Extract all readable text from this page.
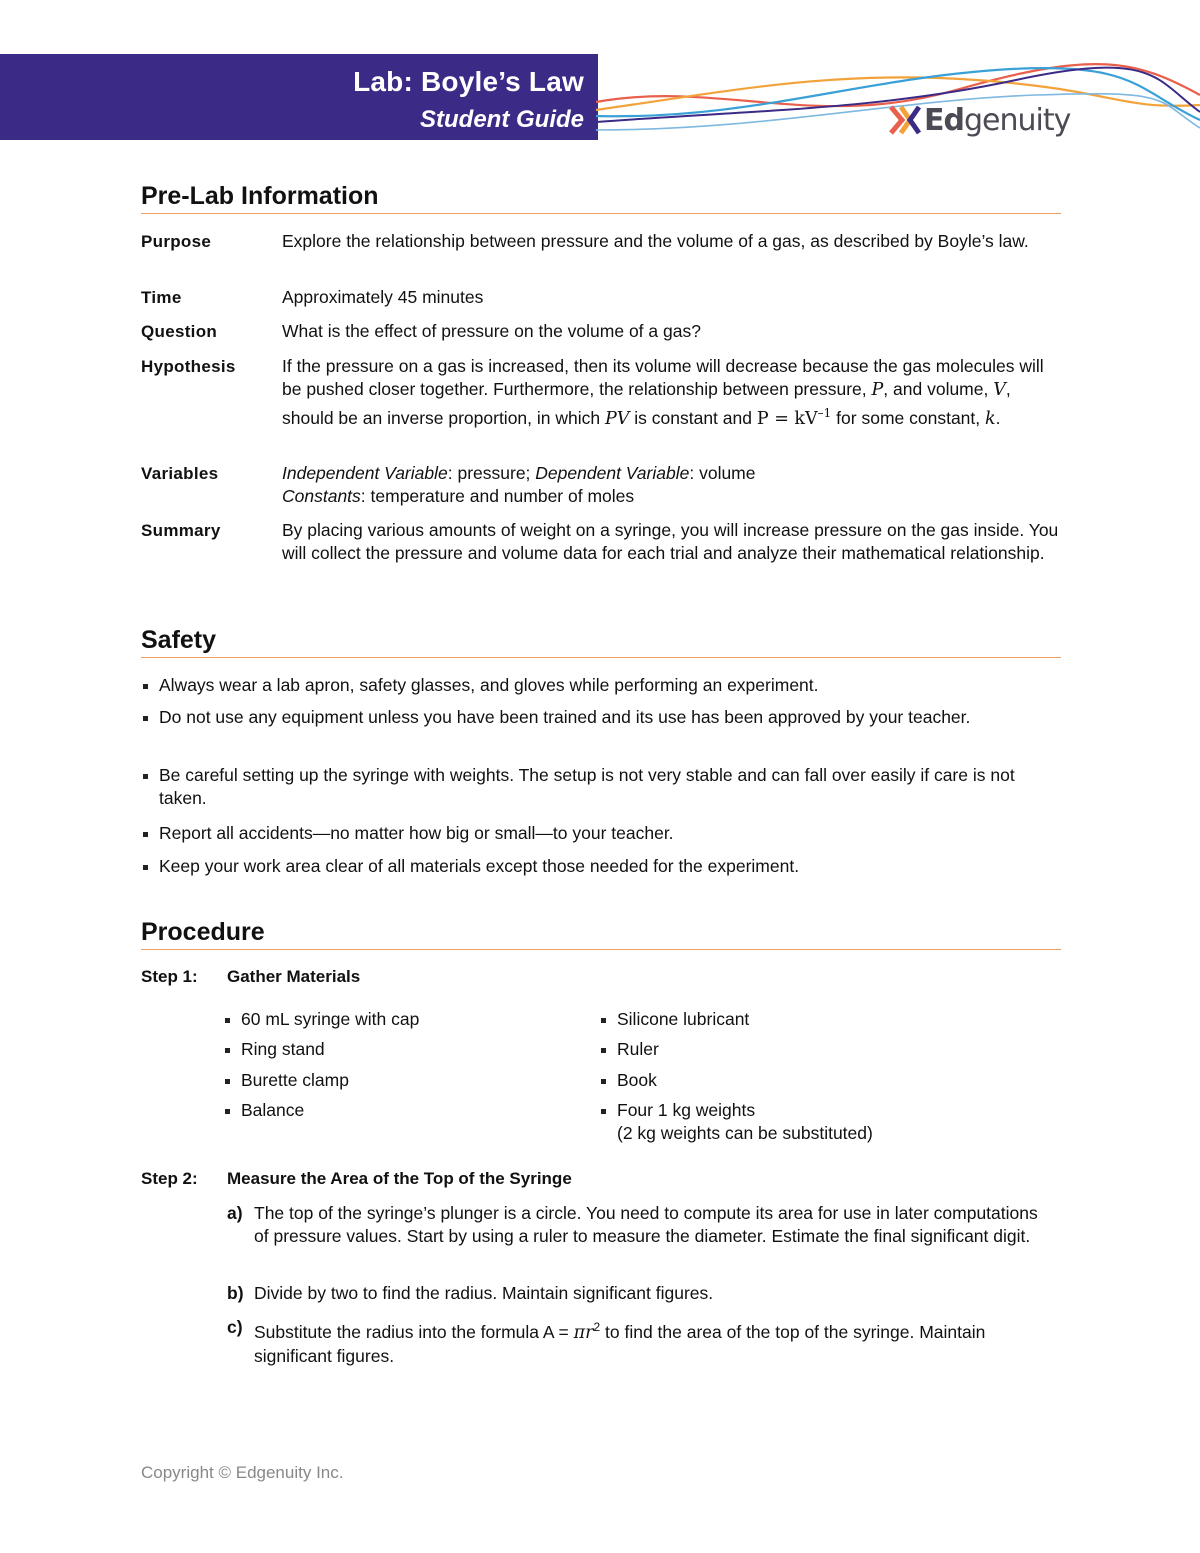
Lab: Boyle’s Law
Student Guide	Edgenuity
Pre-Lab Information
Purpose	Explore the relationship between pressure and the volume of a gas, as described by Boyle’s law.
Time	Approximately 45 minutes
Question	What is the effect of pressure on the volume of a gas?
Hypothesis	If the pressure on a gas is increased, then its volume will decrease because the gas molecules will be pushed closer together. Furthermore, the relationship between pressure, P, and volume, V, should be an inverse proportion, in which PV is constant and $P = kV^{-1}$ for some constant, k.
Variables	Independent Variable: pressure; Dependent Variable: volume
Constants: temperature and number of moles
Summary	By placing various amounts of weight on a syringe, you will increase pressure on the gas inside. You will collect the pressure and volume data for each trial and analyze their mathematical relationship.
Safety
Always wear a lab apron, safety glasses, and gloves while performing an experiment.
Do not use any equipment unless you have been trained and its use has been approved by your teacher.
Be careful setting up the syringe with weights. The setup is not very stable and can fall over easily if care is not taken.
Report all accidents—no matter how big or small—to your teacher.
Keep your work area clear of all materials except those needed for the experiment.
Procedure
Step 1: Gather Materials
60 mL syringe with cap
Ring stand
Burette clamp
Balance
Silicone lubricant
Ruler
Book
Four 1 kg weights
(2 kg weights can be substituted)
Step 2: Measure the Area of the Top of the Syringe
a) The top of the syringe’s plunger is a circle. You need to compute its area for use in later computations of pressure values. Start by using a ruler to measure the diameter. Estimate the final significant digit.
b) Divide by two to find the radius. Maintain significant figures.
c) Substitute the radius into the formula $A = \pi r^2$ to find the area of the top of the syringe. Maintain significant figures.
Copyright © Edgenuity Inc.
